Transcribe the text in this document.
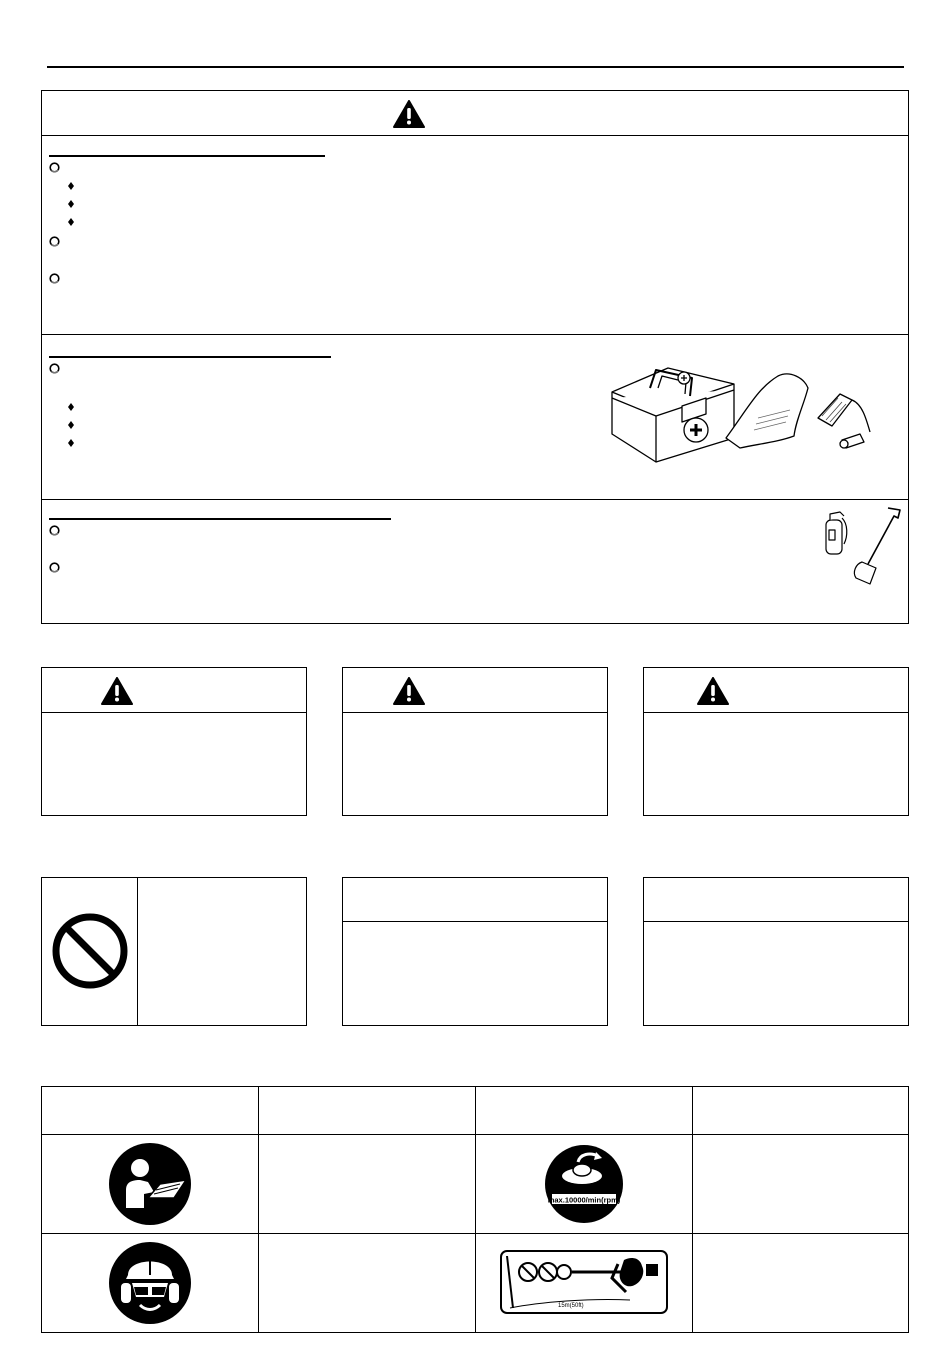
max.10000/min(rpm)
15m(50ft)
